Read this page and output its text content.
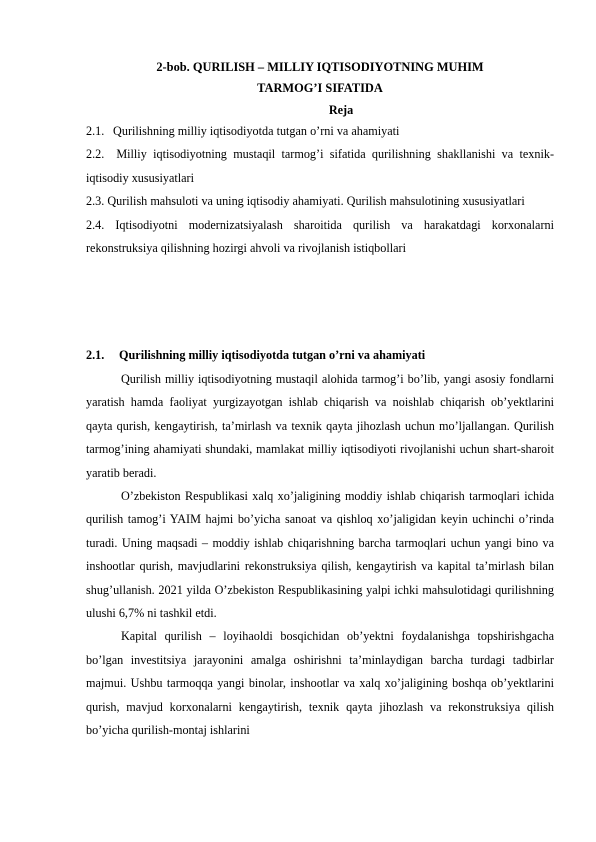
2-bob. QURILISH – MILLIY IQTISODIYOTNING MUHIM
TARMOG’I SIFATIDA
Reja

2.1. Qurilishning milliy iqtisodiyotda tutgan o’rni va ahamiyati

2.2. Milliy iqtisodiyotning mustaqil tarmog’i sifatida qurilishning shakllanishi va texnik-iqtisodiy xususiyatlari

2.3. Qurilish mahsuloti va uning iqtisodiy ahamiyati. Qurilish mahsulotining xususiyatlari

2.4. Iqtisodiyotni modernizatsiyalash sharoitida qurilish va harakatdagi korxonalarni rekonstruksiya qilishning hozirgi ahvoli va rivojlanish istiqbollari

2.1. Qurilishning milliy iqtisodiyotda tutgan o’rni va ahamiyati

Qurilish milliy iqtisodiyotning mustaqil alohida tarmog’i bo’lib, yangi asosiy fondlarni yaratish hamda faoliyat yurgizayotgan ishlab chiqarish va noishlab chiqarish ob’yektlarini qayta qurish, kengaytirish, ta’mirlash va texnik qayta jihozlash uchun mo’ljallangan. Qurilish tarmog’ining ahamiyati shundaki, mamlakat milliy iqtisodiyoti rivojlanishi uchun shart-sharoit yaratib beradi.

O’zbekiston Respublikasi xalq xo’jaligining moddiy ishlab chiqarish tarmoqlari ichida qurilish tamog’i YAIM hajmi bo’yicha sanoat va qishloq xo’jaligidan keyin uchinchi o’rinda turadi. Uning maqsadi – moddiy ishlab chiqarishning barcha tarmoqlari uchun yangi bino va inshootlar qurish, mavjudlarini rekonstruksiya qilish, kengaytirish va kapital ta’mirlash bilan shug’ullanish. 2021 yilda O’zbekiston Respublikasining yalpi ichki mahsulotidagi qurilishning ulushi 6,7% ni tashkil etdi.

Kapital qurilish – loyihaoldi bosqichidan ob’yektni foydalanishga topshirishgacha bo’lgan investitsiya jarayonini amalga oshirishni ta’minlaydigan barcha turdagi tadbirlar majmui. Ushbu tarmoqqa yangi binolar, inshootlar va xalq xo’jaligining boshqa ob’yektlarini qurish, mavjud korxonalarni kengaytirish, texnik qayta jihozlash va rekonstruksiya qilish bo’yicha qurilish-montaj ishlarini
